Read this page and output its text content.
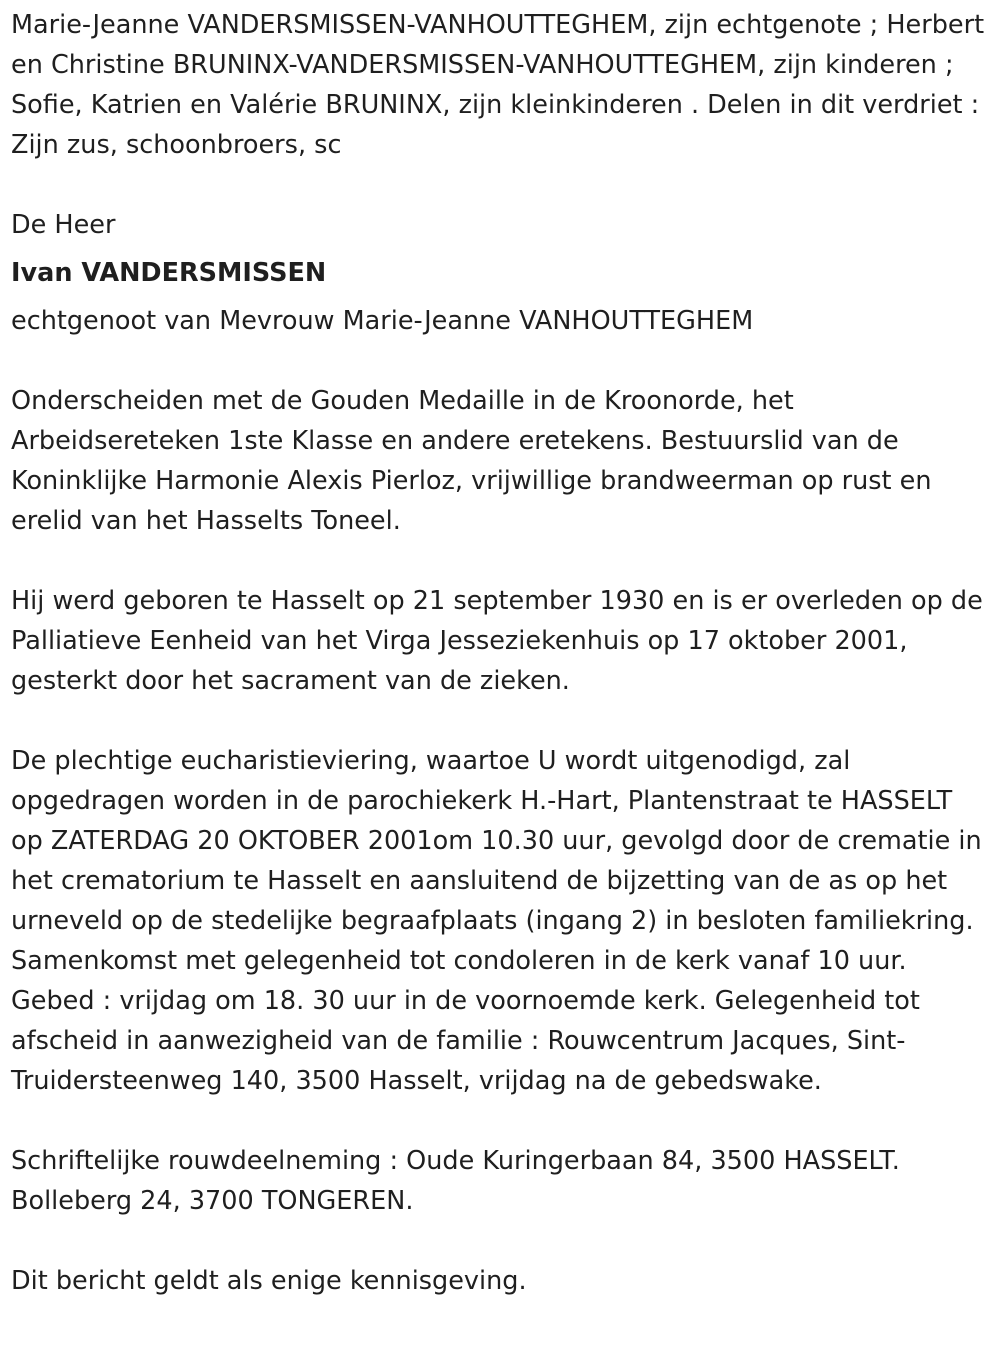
Marie-Jeanne VANDERSMISSEN-VANHOUTTEGHEM, zijn echtgenote ; Herbert en Christine BRUNINX-VANDERSMISSEN-VANHOUTTEGHEM, zijn kinderen ; Sofie, Katrien en Valérie BRUNINX, zijn kleinkinderen . Delen in dit verdriet : Zijn zus, schoonbroers, sc

De Heer

Ivan VANDERSMISSEN

echtgenoot van Mevrouw Marie-Jeanne VANHOUTTEGHEM

Onderscheiden met de Gouden Medaille in de Kroonorde, het Arbeidsereteken 1ste Klasse en andere eretekens. Bestuurslid van de Koninklijke Harmonie Alexis Pierloz, vrijwillige brandweerman op rust en erelid van het Hasselts Toneel.

Hij werd geboren te Hasselt op 21 september 1930 en is er overleden op de Palliatieve Eenheid van het Virga Jesseziekenhuis op 17 oktober 2001, gesterkt door het sacrament van de zieken.

De plechtige eucharistieviering, waartoe U wordt uitgenodigd, zal opgedragen worden in de parochiekerk H.-Hart, Plantenstraat te HASSELT op ZATERDAG 20 OKTOBER 2001om 10.30 uur, gevolgd door de crematie in het crematorium te Hasselt en aansluitend de bijzetting van de as op het urneveld op de stedelijke begraafplaats (ingang 2) in besloten familiekring. Samenkomst met gelegenheid tot condoleren in de kerk vanaf 10 uur. Gebed : vrijdag om 18. 30 uur in de voornoemde kerk. Gelegenheid tot afscheid in aanwezigheid van de familie : Rouwcentrum Jacques, Sint-Truidersteenweg 140, 3500 Hasselt, vrijdag na de gebedswake.

Schriftelijke rouwdeelneming : Oude Kuringerbaan 84, 3500 HASSELT.

Bolleberg 24, 3700 TONGEREN.

Dit bericht geldt als enige kennisgeving.
